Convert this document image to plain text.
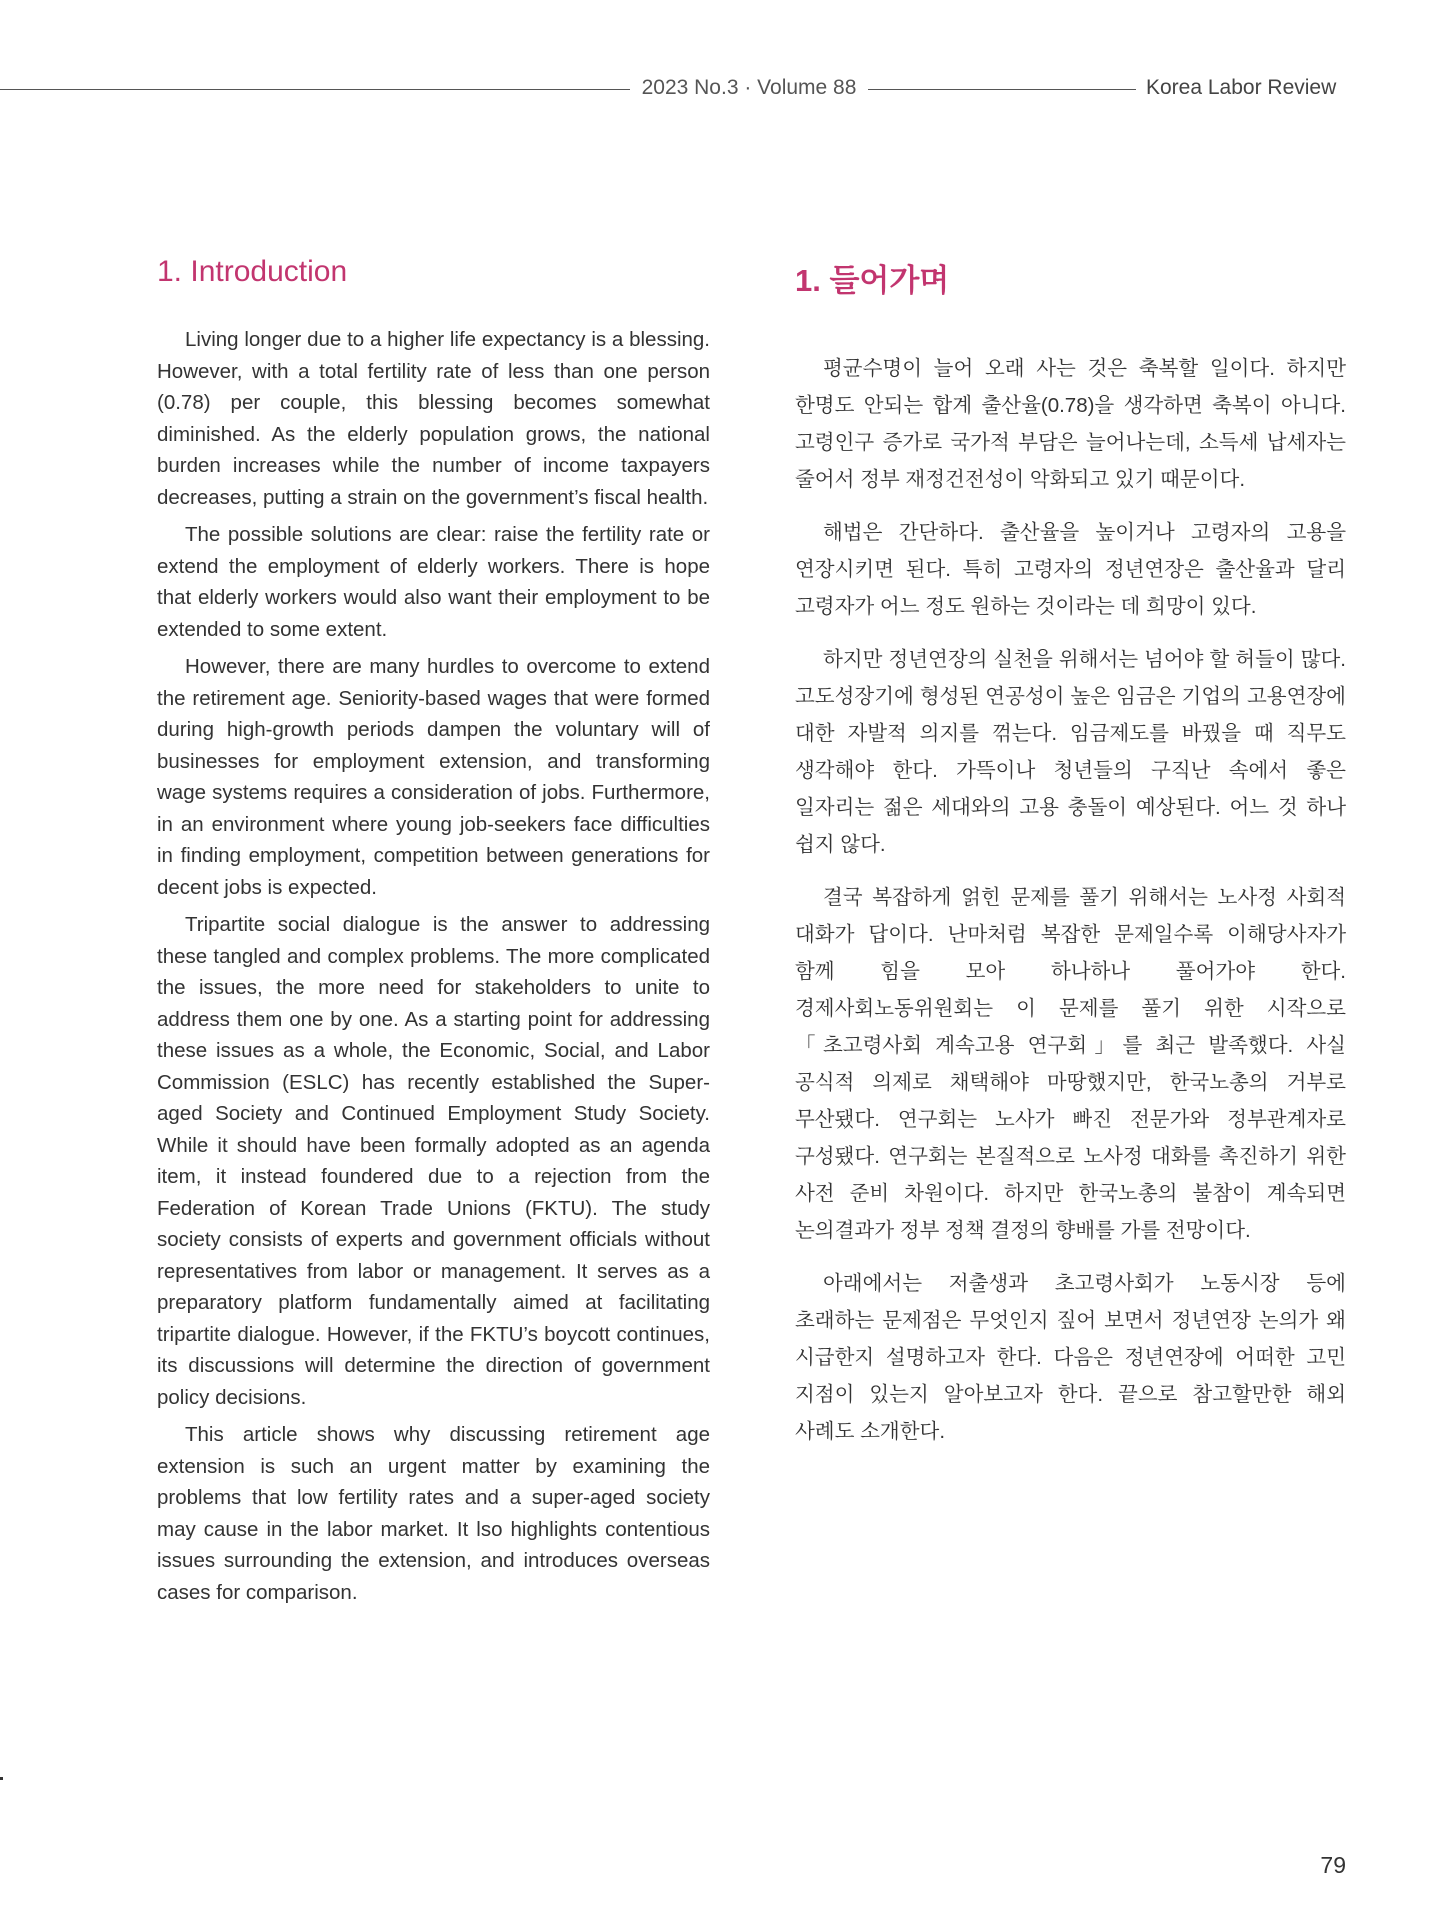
2023 No.3 · Volume 88	Korea Labor Review
1. Introduction

Living longer due to a higher life expectancy is a blessing. However, with a total fertility rate of less than one person (0.78) per couple, this blessing becomes somewhat diminished. As the elderly population grows, the national burden increases while the number of income taxpayers decreases, putting a strain on the government’s fiscal health.

The possible solutions are clear: raise the fertility rate or extend the employment of elderly workers. There is hope that elderly workers would also want their employment to be extended to some extent.

However, there are many hurdles to overcome to extend the retirement age. Seniority-based wages that were formed during high-growth periods dampen the voluntary will of businesses for employment extension, and transforming wage systems requires a consideration of jobs. Furthermore, in an environment where young job-seekers face difficulties in finding employment, competition between generations for decent jobs is expected.

Tripartite social dialogue is the answer to addressing these tangled and complex problems. The more complicated the issues, the more need for stakeholders to unite to address them one by one. As a starting point for addressing these issues as a whole, the Economic, Social, and Labor Commission (ESLC) has recently established the Super-aged Society and Continued Employment Study Society. While it should have been formally adopted as an agenda item, it instead foundered due to a rejection from the Federation of Korean Trade Unions (FKTU). The study society consists of experts and government officials without representatives from labor or management. It serves as a preparatory platform fundamentally aimed at facilitating tripartite dialogue. However, if the FKTU’s boycott continues, its discussions will determine the direction of government policy decisions.

This article shows why discussing retirement age extension is such an urgent matter by examining the problems that low fertility rates and a super-aged society may cause in the labor market. It lso highlights contentious issues surrounding the extension, and introduces overseas cases for comparison.

1. 들어가며

평균수명이 늘어 오래 사는 것은 축복할 일이다. 하지만 한명도 안되는 합계 출산율(0.78)을 생각하면 축복이 아니다. 고령인구 증가로 국가적 부담은 늘어나는데, 소득세 납세자는 줄어서 정부 재정건전성이 악화되고 있기 때문이다.

해법은 간단하다. 출산율을 높이거나 고령자의 고용을 연장시키면 된다. 특히 고령자의 정년연장은 출산율과 달리 고령자가 어느 정도 원하는 것이라는 데 희망이 있다.

하지만 정년연장의 실천을 위해서는 넘어야 할 허들이 많다. 고도성장기에 형성된 연공성이 높은 임금은 기업의 고용연장에 대한 자발적 의지를 꺾는다. 임금제도를 바꿨을 때 직무도 생각해야 한다. 가뜩이나 청년들의 구직난 속에서 좋은 일자리는 젊은 세대와의 고용 충돌이 예상된다. 어느 것 하나 쉽지 않다.

결국 복잡하게 얽힌 문제를 풀기 위해서는 노사정 사회적 대화가 답이다. 난마처럼 복잡한 문제일수록 이해당사자가 함께 힘을 모아 하나하나 풀어가야 한다. 경제사회노동위원회는 이 문제를 풀기 위한 시작으로 「초고령사회 계속고용 연구회」를 최근 발족했다. 사실 공식적 의제로 채택해야 마땅했지만, 한국노총의 거부로 무산됐다. 연구회는 노사가 빠진 전문가와 정부관계자로 구성됐다. 연구회는 본질적으로 노사정 대화를 촉진하기 위한 사전 준비 차원이다. 하지만 한국노총의 불참이 계속되면 논의결과가 정부 정책 결정의 향배를 가를 전망이다.

아래에서는 저출생과 초고령사회가 노동시장 등에 초래하는 문제점은 무엇인지 짚어 보면서 정년연장 논의가 왜 시급한지 설명하고자 한다. 다음은 정년연장에 어떠한 고민 지점이 있는지 알아보고자 한다. 끝으로 참고할만한 해외 사례도 소개한다.

79
